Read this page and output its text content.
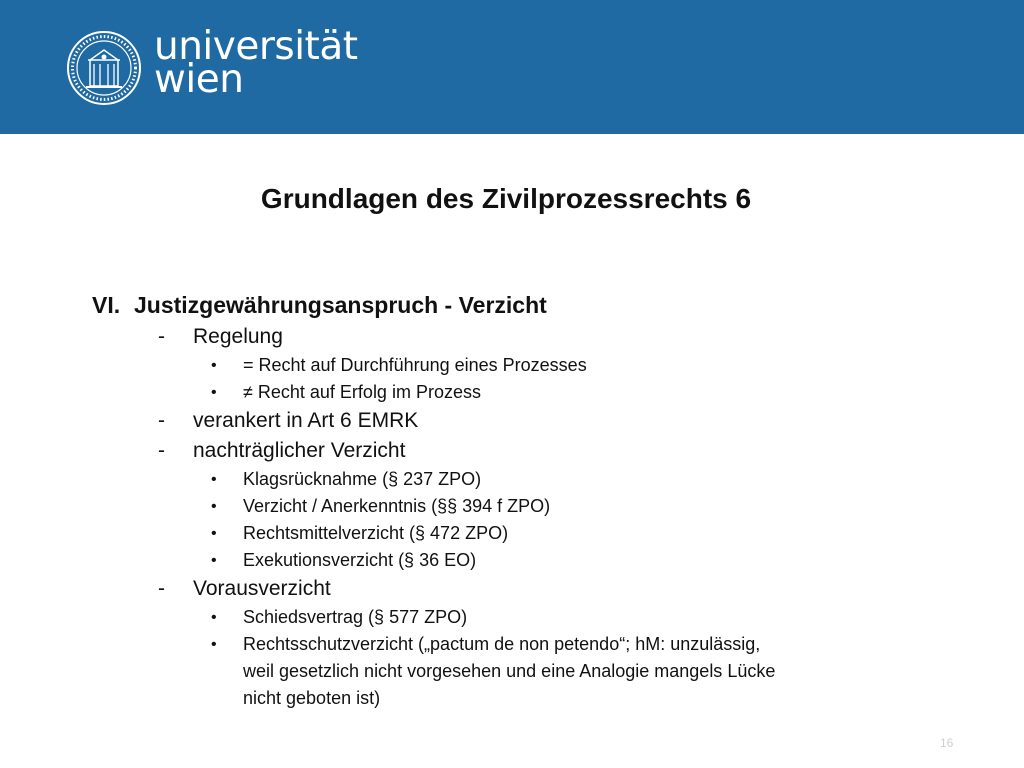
universität
wien
Grundlagen des Zivilprozessrechts 6
VI. Justizgewährungsanspruch - Verzicht
- Regelung
• = Recht auf Durchführung eines Prozesses
• ≠ Recht auf Erfolg im Prozess
- verankert in Art 6 EMRK
- nachträglicher Verzicht
• Klagsrücknahme (§ 237 ZPO)
• Verzicht / Anerkenntnis (§§ 394 f ZPO)
• Rechtsmittelverzicht (§ 472 ZPO)
• Exekutionsverzicht (§ 36 EO)
- Vorausverzicht
• Schiedsvertrag (§ 577 ZPO)
• Rechtsschutzverzicht („pactum de non petendo“; hM: unzulässig,
weil gesetzlich nicht vorgesehen und eine Analogie mangels Lücke
nicht geboten ist)
16
